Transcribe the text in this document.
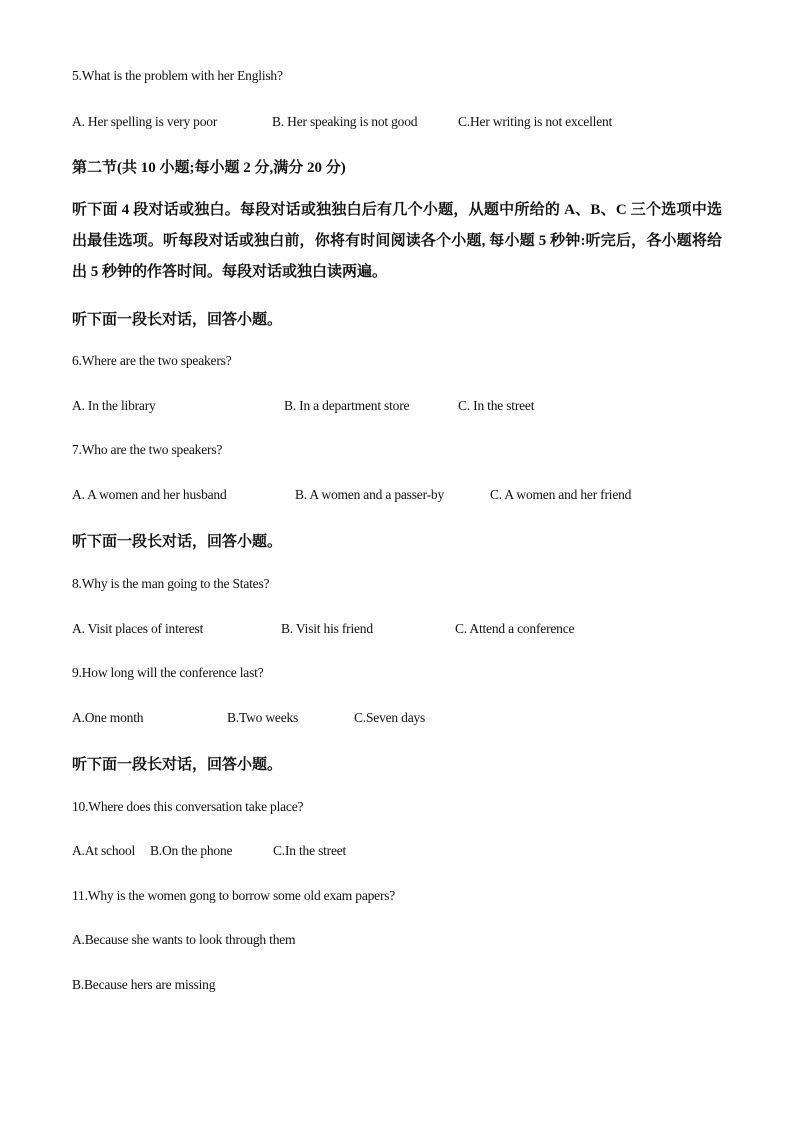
5.What is the problem with her English?
A. Her spelling is very poor	B. Her speaking is not good	C.Her writing is not excellent
第二节(共 10 小题;每小题 2 分,满分 20 分)
听下面 4 段对话或独白。每段对话或独独白后有几个小题，从题中所给的 A、B、C 三个选项中选出最佳选项。听每段对话或独白前，你将有时间阅读各个小题, 每小题 5 秒钟:听完后，各小题将给出 5 秒钟的作答时间。每段对话或独白读两遍。
听下面一段长对话，回答小题。
6.Where are the two speakers?
A. In the library	B. In a department store	C. In the street
7.Who are the two speakers?
A. A women and her husband	B. A women and a passer-by	C. A women and her friend
听下面一段长对话，回答小题。
8.Why is the man going to the States?
A. Visit places of interest	B. Visit his friend	C. Attend a conference
9.How long will the conference last?
A.One month	B.Two weeks	C.Seven days
听下面一段长对话，回答小题。
10.Where does this conversation take place?
A.At school B.On the phone	C.In the street
11.Why is the women gong to borrow some old exam papers?
A.Because she wants to look through them
B.Because hers are missing
